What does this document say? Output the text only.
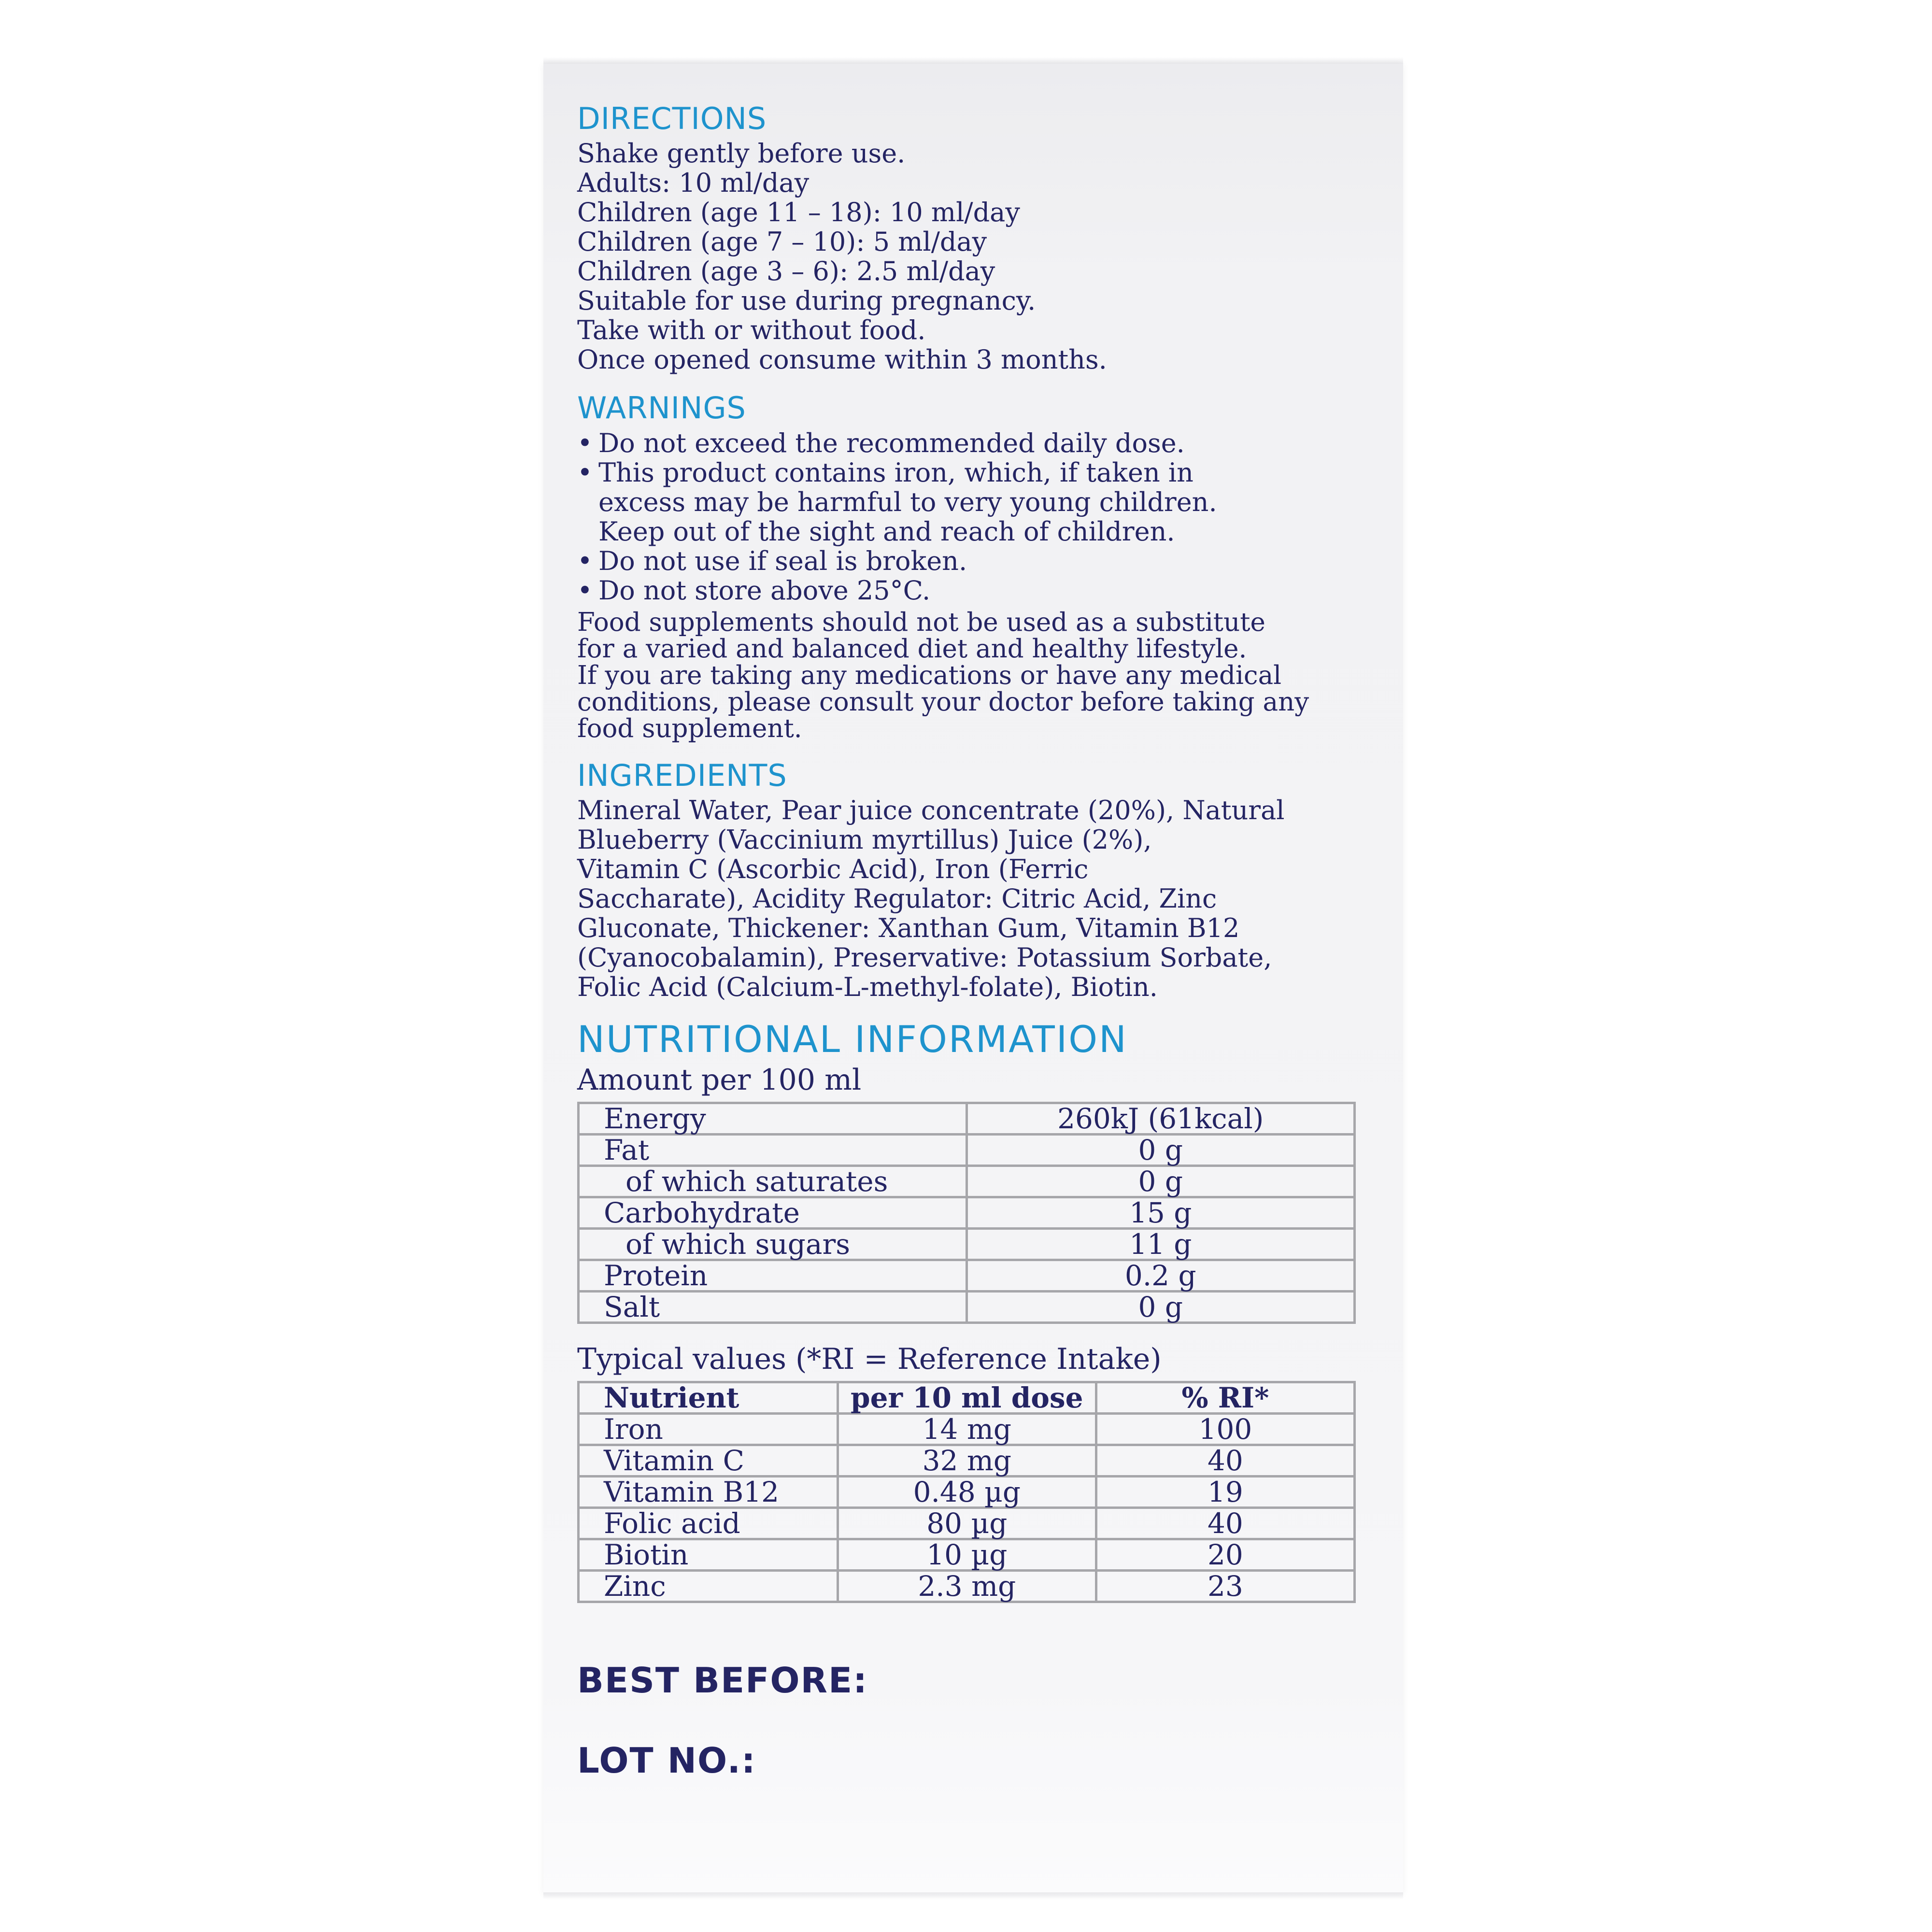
DIRECTIONS
Shake gently before use.
Adults: 10 ml/day
Children (age 11 – 18): 10 ml/day
Children (age 7 – 10): 5 ml/day
Children (age 3 – 6): 2.5 ml/day
Suitable for use during pregnancy.
Take with or without food.
Once opened consume within 3 months.
WARNINGS
• Do not exceed the recommended daily dose.
• This product contains iron, which, if taken in
excess may be harmful to very young children.
Keep out of the sight and reach of children.
• Do not use if seal is broken.
• Do not store above 25°C.
Food supplements should not be used as a substitute
for a varied and balanced diet and healthy lifestyle.
If you are taking any medications or have any medical
conditions, please consult your doctor before taking any
food supplement.
INGREDIENTS
Mineral Water, Pear juice concentrate (20%), Natural
Blueberry (Vaccinium myrtillus) Juice (2%),
Vitamin C (Ascorbic Acid), Iron (Ferric
Saccharate), Acidity Regulator: Citric Acid, Zinc
Gluconate, Thickener: Xanthan Gum, Vitamin B12
(Cyanocobalamin), Preservative: Potassium Sorbate,
Folic Acid (Calcium-L-methyl-folate), Biotin.
NUTRITIONAL INFORMATION
Amount per 100 ml
Energy	260kJ (61kcal)
Fat	0 g
of which saturates	0 g
Carbohydrate	15 g
of which sugars	11 g
Protein	0.2 g
Salt	0 g
Typical values (*RI = Reference Intake)
Nutrient	per 10 ml dose	% RI*
Iron	14 mg	100
Vitamin C	32 mg	40
Vitamin B12	0.48 µg	19
Folic acid	80 µg	40
Biotin	10 µg	20
Zinc	2.3 mg	23
BEST BEFORE:
LOT NO.:
